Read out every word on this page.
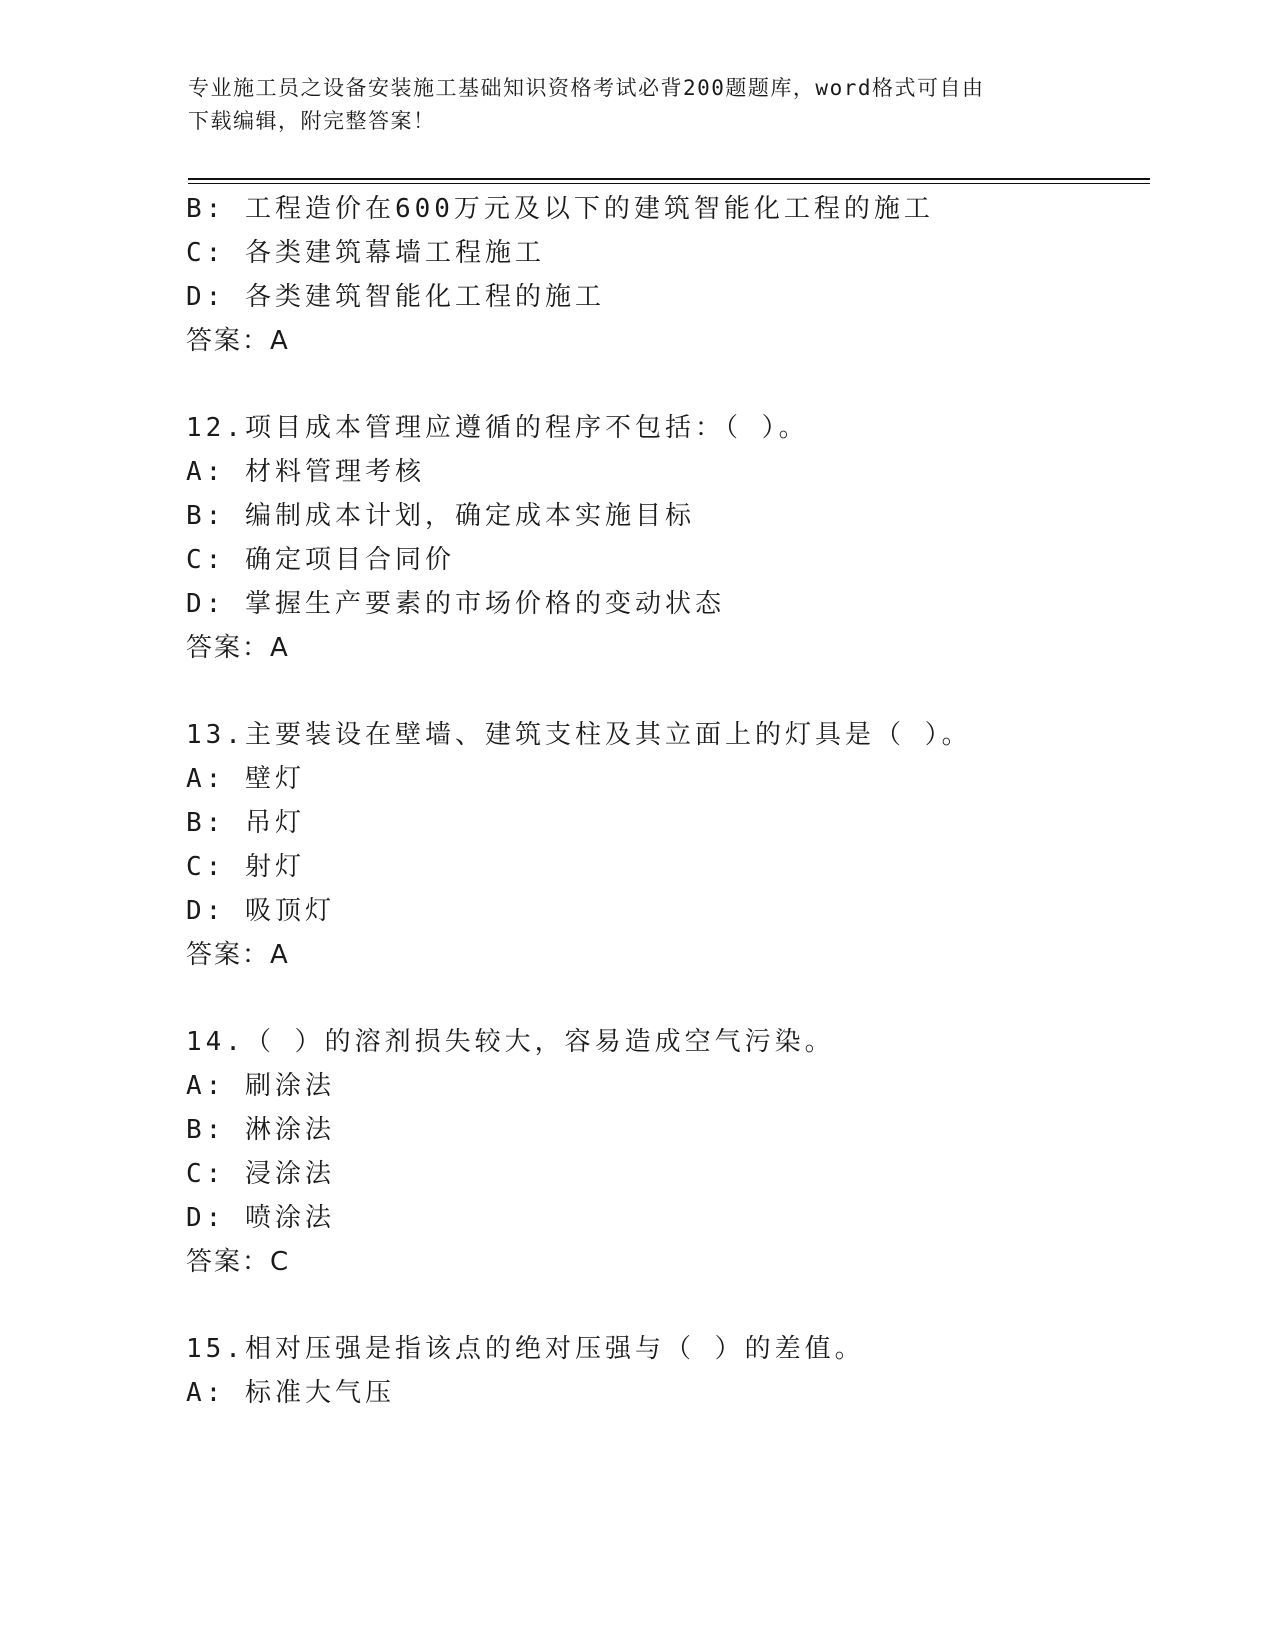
专业施工员之设备安装施工基础知识资格考试必背200题题库，word格式可自由
下载编辑，附完整答案！
B: 工程造价在600万元及以下的建筑智能化工程的施工
C: 各类建筑幕墙工程施工
D: 各类建筑智能化工程的施工
答案：A
12.项目成本管理应遵循的程序不包括：（ ）。
A: 材料管理考核
B: 编制成本计划，确定成本实施目标
C: 确定项目合同价
D: 掌握生产要素的市场价格的变动状态
答案：A
13.主要装设在壁墙、建筑支柱及其立面上的灯具是（ ）。
A: 壁灯
B: 吊灯
C: 射灯
D: 吸顶灯
答案：A
14.（ ）的溶剂损失较大，容易造成空气污染。
A: 刷涂法
B: 淋涂法
C: 浸涂法
D: 喷涂法
答案：C
15.相对压强是指该点的绝对压强与（ ）的差值。
A: 标准大气压
